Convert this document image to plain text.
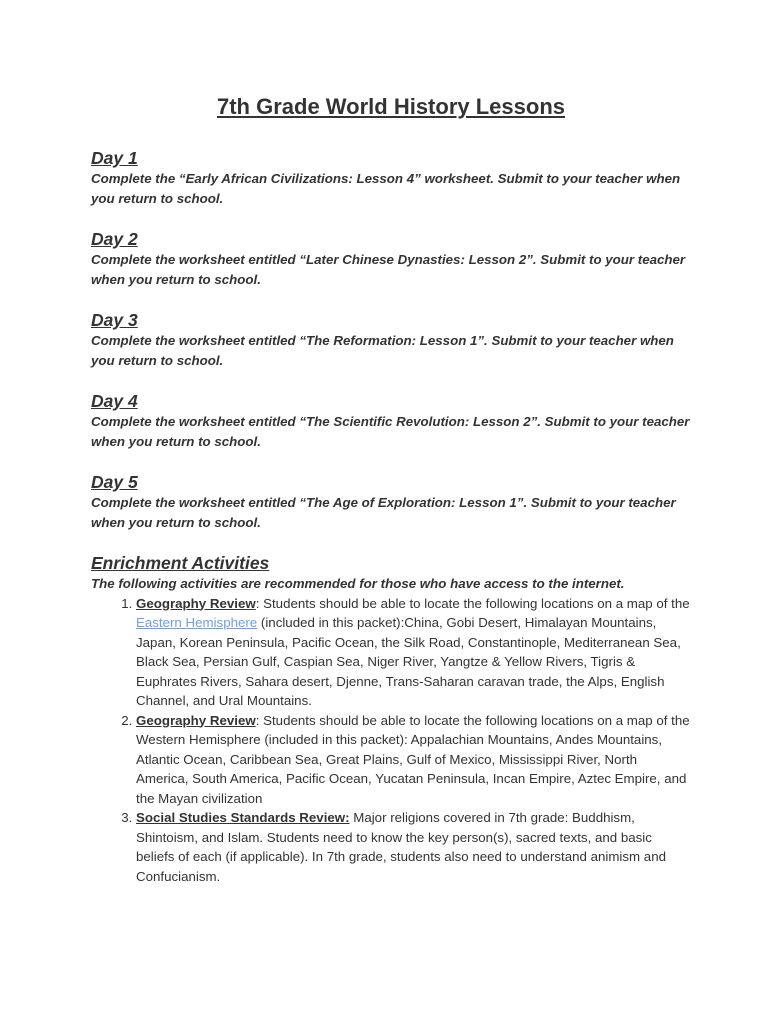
7th Grade World History Lessons
Day 1

Complete the “Early African Civilizations: Lesson 4” worksheet. Submit to your teacher when you return to school.

Day 2

Complete the worksheet entitled “Later Chinese Dynasties: Lesson 2”. Submit to your teacher when you return to school.

Day 3

Complete the worksheet entitled “The Reformation: Lesson 1”. Submit to your teacher when you return to school.

Day 4

Complete the worksheet entitled “The Scientific Revolution: Lesson 2”. Submit to your teacher when you return to school.

Day 5

Complete the worksheet entitled “The Age of Exploration: Lesson 1”. Submit to your teacher when you return to school.

Enrichment Activities

The following activities are recommended for those who have access to the internet.

1. Geography Review: Students should be able to locate the following locations on a map of the Eastern Hemisphere (included in this packet):China, Gobi Desert, Himalayan Mountains, Japan, Korean Peninsula, Pacific Ocean, the Silk Road, Constantinople, Mediterranean Sea, Black Sea, Persian Gulf, Caspian Sea, Niger River, Yangtze & Yellow Rivers, Tigris & Euphrates Rivers, Sahara desert, Djenne, Trans-Saharan caravan trade, the Alps, English Channel, and Ural Mountains.
2. Geography Review: Students should be able to locate the following locations on a map of the Western Hemisphere (included in this packet): Appalachian Mountains, Andes Mountains, Atlantic Ocean, Caribbean Sea, Great Plains, Gulf of Mexico, Mississippi River, North America, South America, Pacific Ocean, Yucatan Peninsula, Incan Empire, Aztec Empire, and the Mayan civilization
3. Social Studies Standards Review: Major religions covered in 7th grade: Buddhism, Shintoism, and Islam. Students need to know the key person(s), sacred texts, and basic beliefs of each (if applicable). In 7th grade, students also need to understand animism and Confucianism.
